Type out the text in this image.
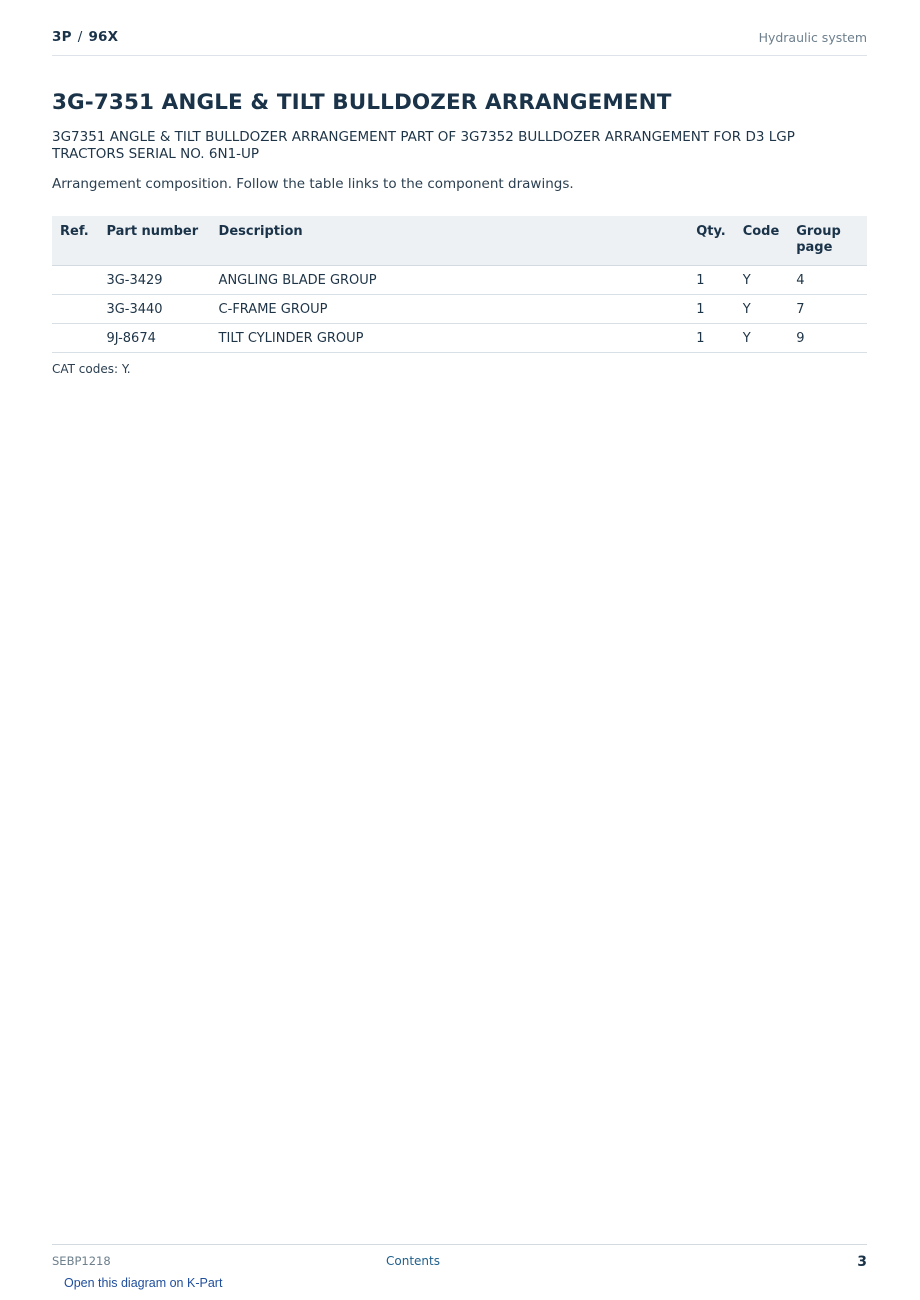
3P / 96X	Hydraulic system
3G-7351 ANGLE & TILT BULLDOZER ARRANGEMENT
3G7351 ANGLE & TILT BULLDOZER ARRANGEMENT PART OF 3G7352 BULLDOZER ARRANGEMENT FOR D3 LGP TRACTORS SERIAL NO. 6N1-UP
Arrangement composition. Follow the table links to the component drawings.
Ref.	Part number	Description	Qty.	Code	Group page
	3G-3429	ANGLING BLADE GROUP	1	Y	4
	3G-3440	C-FRAME GROUP	1	Y	7
	9J-8674	TILT CYLINDER GROUP	1	Y	9
CAT codes: Y.
SEBP1218	Contents	3
Open this diagram on K-Part
